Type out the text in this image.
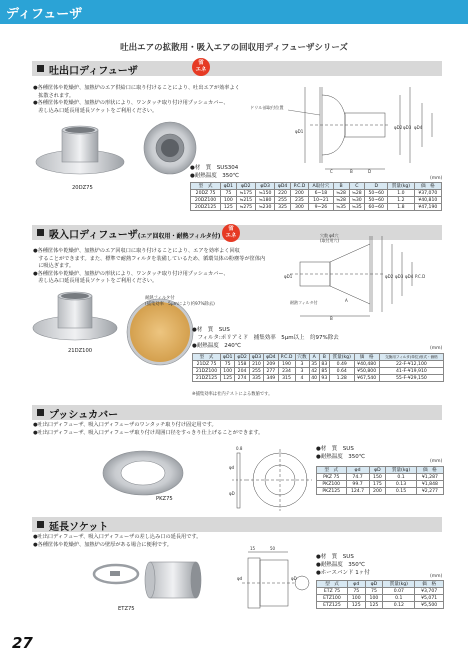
ディフューザ
吐出エアの拡散用・吸入エアの回収用ディフューザシリーズ
吐出口ディフューザ
省
エネ
●各種筐体や乾燥炉、加熱炉のエア供給口に取り付けることにより、吐出エアが効率よく
　拡散されます。
●各種筐体や乾燥炉、加熱炉の形状により、ワンタッチ取り付け用プッシュカバー、
　差し込み口延長用延長ソケットをご利用ください。
20DZ75
ドリル部取付位置
φD1
B
C	D
φD2 φD3 φD4
●材　質　SUS304
●耐熱温度　350℃	(mm)
型　式	φD1	φD2	φD3	φD4	P.C.D	A取付穴	B	C	D	質量(kg)	価　格
20DZ 75	75	≒175	≒150	220	200	6~18	≒28	≒28	50~60	1.0	¥37,070
20DZ100	100	≒215	≒180	255	235	10~21	≒28	≒30	50~60	1.2	¥40,810
20DZ125	125	≒275	≒230	325	300	9~26	≒35	≒35	60~60	1.8	¥47,190
吸入口ディフューザ(エア回収用・耐熱フィルタ付)
省
エネ
●各種筐体や乾燥炉、加熱炉のエア回収口に取り付けることにより、エアを効率よく回収
　することができます。また、標準で耐熱フィルタを装備しているため、循環気体の粉塵等が筐体内
　に吸込ぎます。
●各種筐体や乾燥炉、加熱炉の形状により、ワンタッチ取り付け用プッシュカバー、
　差し込み口延長用延長ソケットをご利用ください。
耐熱フィルタ付
(捕集効率　5μmにより約97%除去)
21DZ100
穴数 φ4穴
(取付用穴)
耐熱フィルタ付	A
B
φD1	φD2 φD3 φD4 P.C.D
●材　質　SUS
　フィルタ:ポリアミド　捕集効率　5μm以上　約97%除去
●耐熱温度　240℃	(mm)
型　式	φD1	φD2	φD3	φD4	P.C.D	穴数	A	B	質量(kg)	価　格	交換用フィルタ(単位)形式・価格
21DZ 75	75	158	210	209	190	3	35	83	0.49	¥40,480	22-F-¥12,100
21DZ100	100	204	255	277	234	3	42	85	0.64	¥50,800	41-F-¥19,910
21DZ125	125	274	335	349	315	4	40	93	1.28	¥67,540	55-F-¥29,150
※捕集効率は社内テストによる数値です。
プッシュカバー
●吐出口ディフューザ、吸入口ディフューザのワンタッチ取り付け固定用です。
●吐出口ディフューザ、吸入口ディフューザ取り付け周囲口径をすっきり仕上げることができます。
PKZ75
0.8
φd
φD
●材　質　SUS
●耐熱温度　350℃
型　式	φd	φD	質量(kg)	価　格
PKZ 75	74.7	150	0.1	¥1,287
PKZ100	99.7	175	0.13	¥1,848
PKZ125	124.7	200	0.15	¥2,277
(mm)
延長ソケット
●吐出口ディフューザ、吸入口ディフューザの差し込み口の延長用です。
●各種筐体や乾燥炉、加熱炉の壁厚がある場合に便利です。
ETZ75
15	50
φd	φD
●材　質　SUS
●耐熱温度　350℃
●ホースバンド 1ヶ付
型　式	φd	φD	質量(kg)	価　格
ETZ 75	75	75	0.07	¥3,707
ETZ100	100	100	0.1	¥5,071
ETZ125	125	125	0.12	¥5,500
(mm)
27
